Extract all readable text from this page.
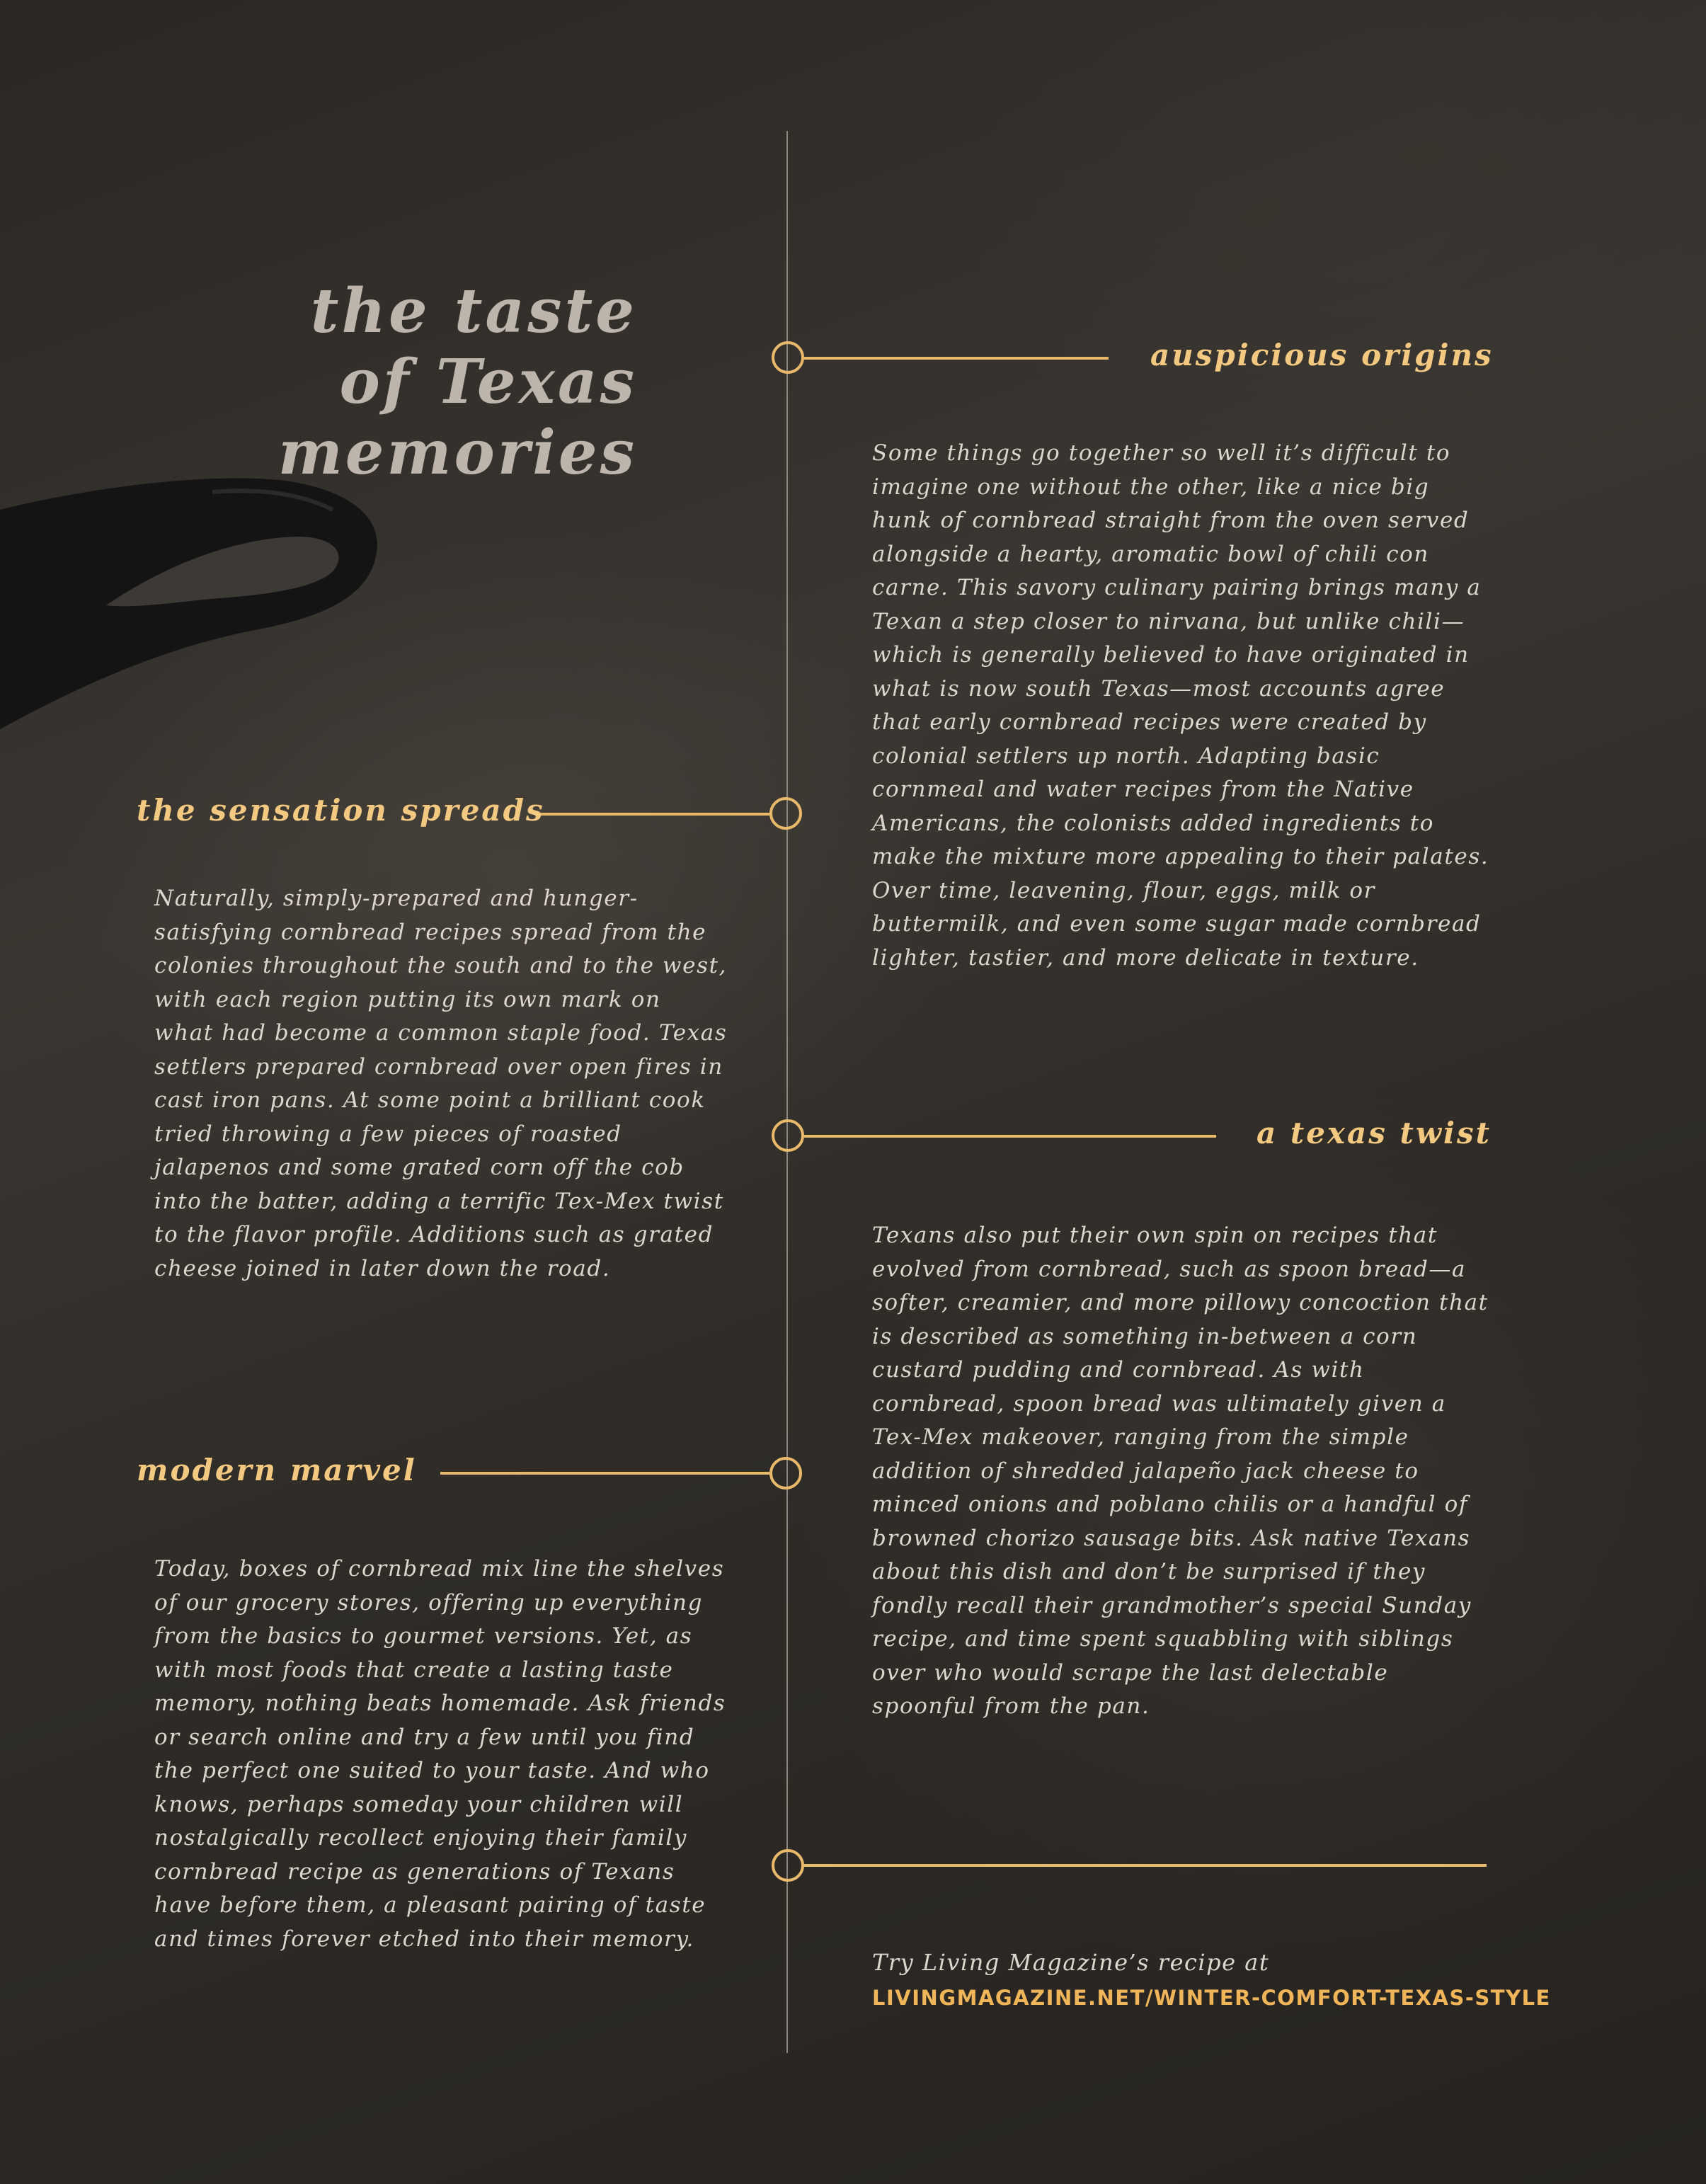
the taste
of Texas
memories
auspicious origins

Some things go together so well it’s difficult to imagine one without the other, like a nice big hunk of cornbread straight from the oven served alongside a hearty, aromatic bowl of chili con carne. This savory culinary pairing brings many a Texan a step closer to nirvana, but unlike chili—which is generally believed to have originated in what is now south Texas—most accounts agree that early cornbread recipes were created by colonial settlers up north. Adapting basic cornmeal and water recipes from the Native Americans, the colonists added ingredients to make the mixture more appealing to their palates. Over time, leavening, flour, eggs, milk or buttermilk, and even some sugar made cornbread lighter, tastier, and more delicate in texture.

the sensation spreads

Naturally, simply-prepared and hunger-satisfying cornbread recipes spread from the colonies throughout the south and to the west, with each region putting its own mark on what had become a common staple food. Texas settlers prepared cornbread over open fires in cast iron pans. At some point a brilliant cook tried throwing a few pieces of roasted jalapenos and some grated corn off the cob into the batter, adding a terrific Tex-Mex twist to the flavor profile. Additions such as grated cheese joined in later down the road.

a texas twist

Texans also put their own spin on recipes that evolved from cornbread, such as spoon bread—a softer, creamier, and more pillowy concoction that is described as something in-between a corn custard pudding and cornbread. As with cornbread, spoon bread was ultimately given a Tex-Mex makeover, ranging from the simple addition of shredded jalapeño jack cheese to minced onions and poblano chilis or a handful of browned chorizo sausage bits. Ask native Texans about this dish and don’t be surprised if they fondly recall their grandmother’s special Sunday recipe, and time spent squabbling with siblings over who would scrape the last delectable spoonful from the pan.

modern marvel

Today, boxes of cornbread mix line the shelves of our grocery stores, offering up everything from the basics to gourmet versions. Yet, as with most foods that create a lasting taste memory, nothing beats homemade. Ask friends or search online and try a few until you find the perfect one suited to your taste. And who knows, perhaps someday your children will nostalgically recollect enjoying their family cornbread recipe as generations of Texans have before them, a pleasant pairing of taste and times forever etched into their memory.

Try Living Magazine’s recipe at
LIVINGMAGAZINE.NET/WINTER-COMFORT-TEXAS-STYLE
